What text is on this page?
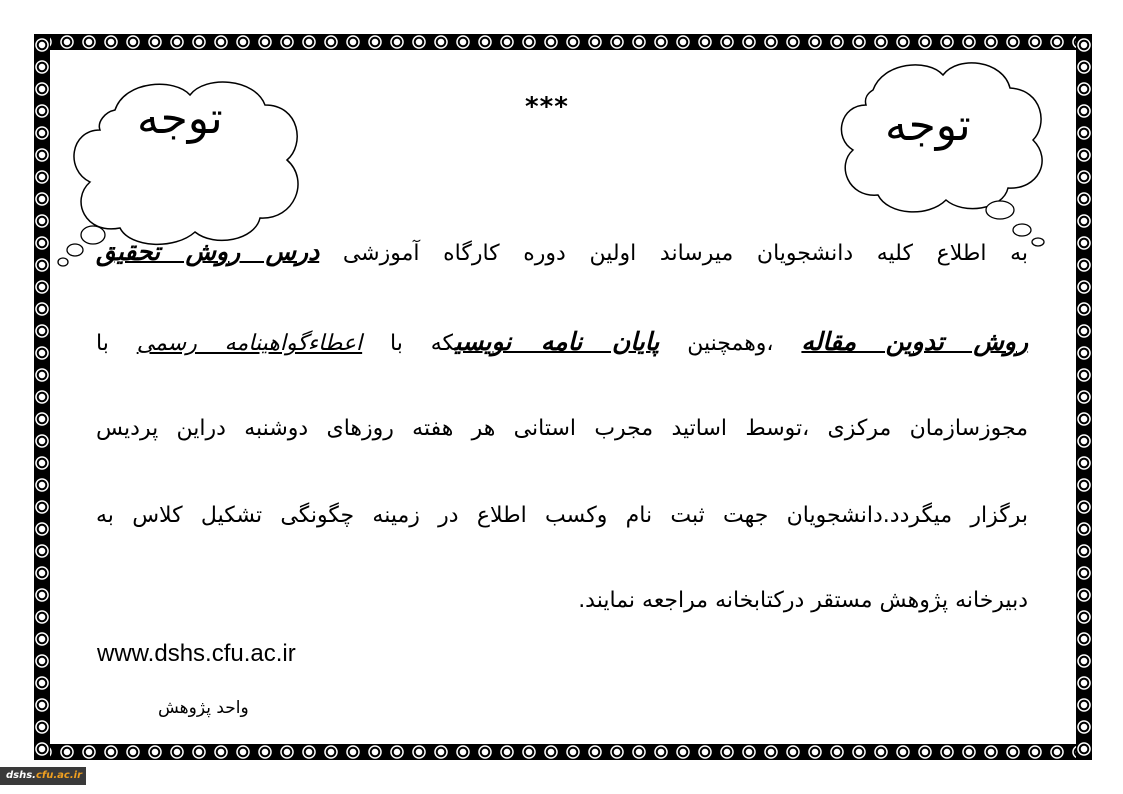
توجه	توجه
***
به اطلاع کلیه دانشجویان میرساند اولین دوره کارگاه آموزشی درس روش تحقیق
روش تدوین مقاله ،وهمچنین پایان نامه نویسیکه با اعطاءگواهینامه رسمی با
مجوزسازمان مرکزی ،توسط اساتید مجرب استانی هر هفته روزهای دوشنبه دراین پردیس
برگزار میگردد.دانشجویان جهت ثبت نام وکسب اطلاع در زمینه چگونگی تشکیل کلاس به
دبیرخانه پژوهش مستقر درکتابخانه مراجعه نمایند.
www.dshs.cfu.ac.ir
واحد پژوهش
dshs.cfu.ac.ir
